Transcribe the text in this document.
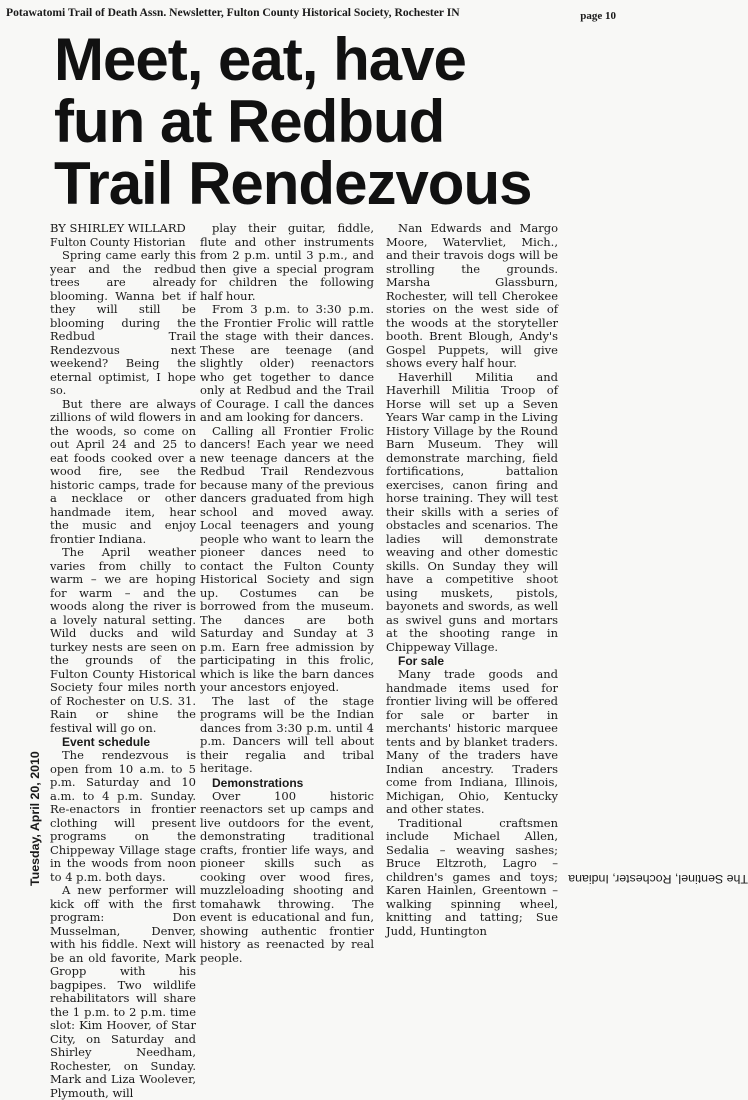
Potawatomi Trail of Death Assn. Newsletter, Fulton County Historical Society, Rochester IN	page 10
Meet, eat, have
fun at Redbud
Trail Rendezvous
The Sentinel, Rochester, Indiana
Tuesday, April 20, 2010

BY SHIRLEY WILLARD

Fulton County Historian

Spring came early this year and the redbud trees are already blooming. Wanna bet if they will still be blooming during the Redbud Trail Rendezvous next weekend? Being the eternal optimist, I hope so.

But there are always zillions of wild flowers in the woods, so come on out April 24 and 25 to eat foods cooked over a wood fire, see the historic camps, trade for a necklace or other handmade item, hear the music and enjoy frontier Indiana.

The April weather varies from chilly to warm – we are hoping for warm – and the woods along the river is a lovely natural setting. Wild ducks and wild turkey nests are seen on the grounds of the Fulton County Historical Society four miles north of Rochester on U.S. 31. Rain or shine the festival will go on.

Event schedule

The rendezvous is open from 10 a.m. to 5 p.m. Saturday and 10 a.m. to 4 p.m. Sunday. Re-enactors in frontier clothing will present programs on the Chippeway Village stage in the woods from noon to 4 p.m. both days.

A new performer will kick off with the first program: Don Musselman, Denver, with his fiddle. Next will be an old favorite, Mark Gropp with his bagpipes. Two wildlife rehabilitators will share the 1 p.m. to 2 p.m. time slot: Kim Hoover, of Star City, on Saturday and Shirley Needham, Rochester, on Sunday. Mark and Liza Woolever, Plymouth, will

play their guitar, fiddle, flute and other instruments from 2 p.m. until 3 p.m., and then give a special program for children the following half hour.

From 3 p.m. to 3:30 p.m. the Frontier Frolic will rattle the stage with their dances. These are teenage (and slightly older) reenactors who get together to dance only at Redbud and the Trail of Courage. I call the dances and am looking for dancers.

Calling all Frontier Frolic dancers! Each year we need new teenage dancers at the Redbud Trail Rendezvous because many of the previous dancers graduated from high school and moved away. Local teenagers and young people who want to learn the pioneer dances need to contact the Fulton County Historical Society and sign up. Costumes can be borrowed from the museum. The dances are both Saturday and Sunday at 3 p.m. Earn free admission by participating in this frolic, which is like the barn dances your ancestors enjoyed.

The last of the stage programs will be the Indian dances from 3:30 p.m. until 4 p.m. Dancers will tell about their regalia and tribal heritage.

Demonstrations

Over 100 historic reenactors set up camps and live outdoors for the event, demonstrating traditional crafts, frontier life ways, and pioneer skills such as cooking over wood fires, muzzleloading shooting and tomahawk throwing. The event is educational and fun, showing authentic frontier history as reenacted by real people.

Nan Edwards and Margo Moore, Watervliet, Mich., and their travois dogs will be strolling the grounds. Marsha Glassburn, Rochester, will tell Cherokee stories on the west side of the woods at the storyteller booth. Brent Blough, Andy's Gospel Puppets, will give shows every half hour.

Haverhill Militia and Haverhill Militia Troop of Horse will set up a Seven Years War camp in the Living History Village by the Round Barn Museum. They will demonstrate marching, field fortifications, battalion exercises, canon firing and horse training. They will test their skills with a series of obstacles and scenarios. The ladies will demonstrate weaving and other domestic skills. On Sunday they will have a competitive shoot using muskets, pistols, bayonets and swords, as well as swivel guns and mortars at the shooting range in Chippeway Village.

For sale

Many trade goods and handmade items used for frontier living will be offered for sale or barter in merchants' historic marquee tents and by blanket traders. Many of the traders have Indian ancestry. Traders come from Indiana, Illinois, Michigan, Ohio, Kentucky and other states.

Traditional craftsmen include Michael Allen, Sedalia – weaving sashes; Bruce Eltzroth, Lagro – children's games and toys; Karen Hainlen, Greentown – walking spinning wheel, knitting and tatting; Sue Judd, Huntington
